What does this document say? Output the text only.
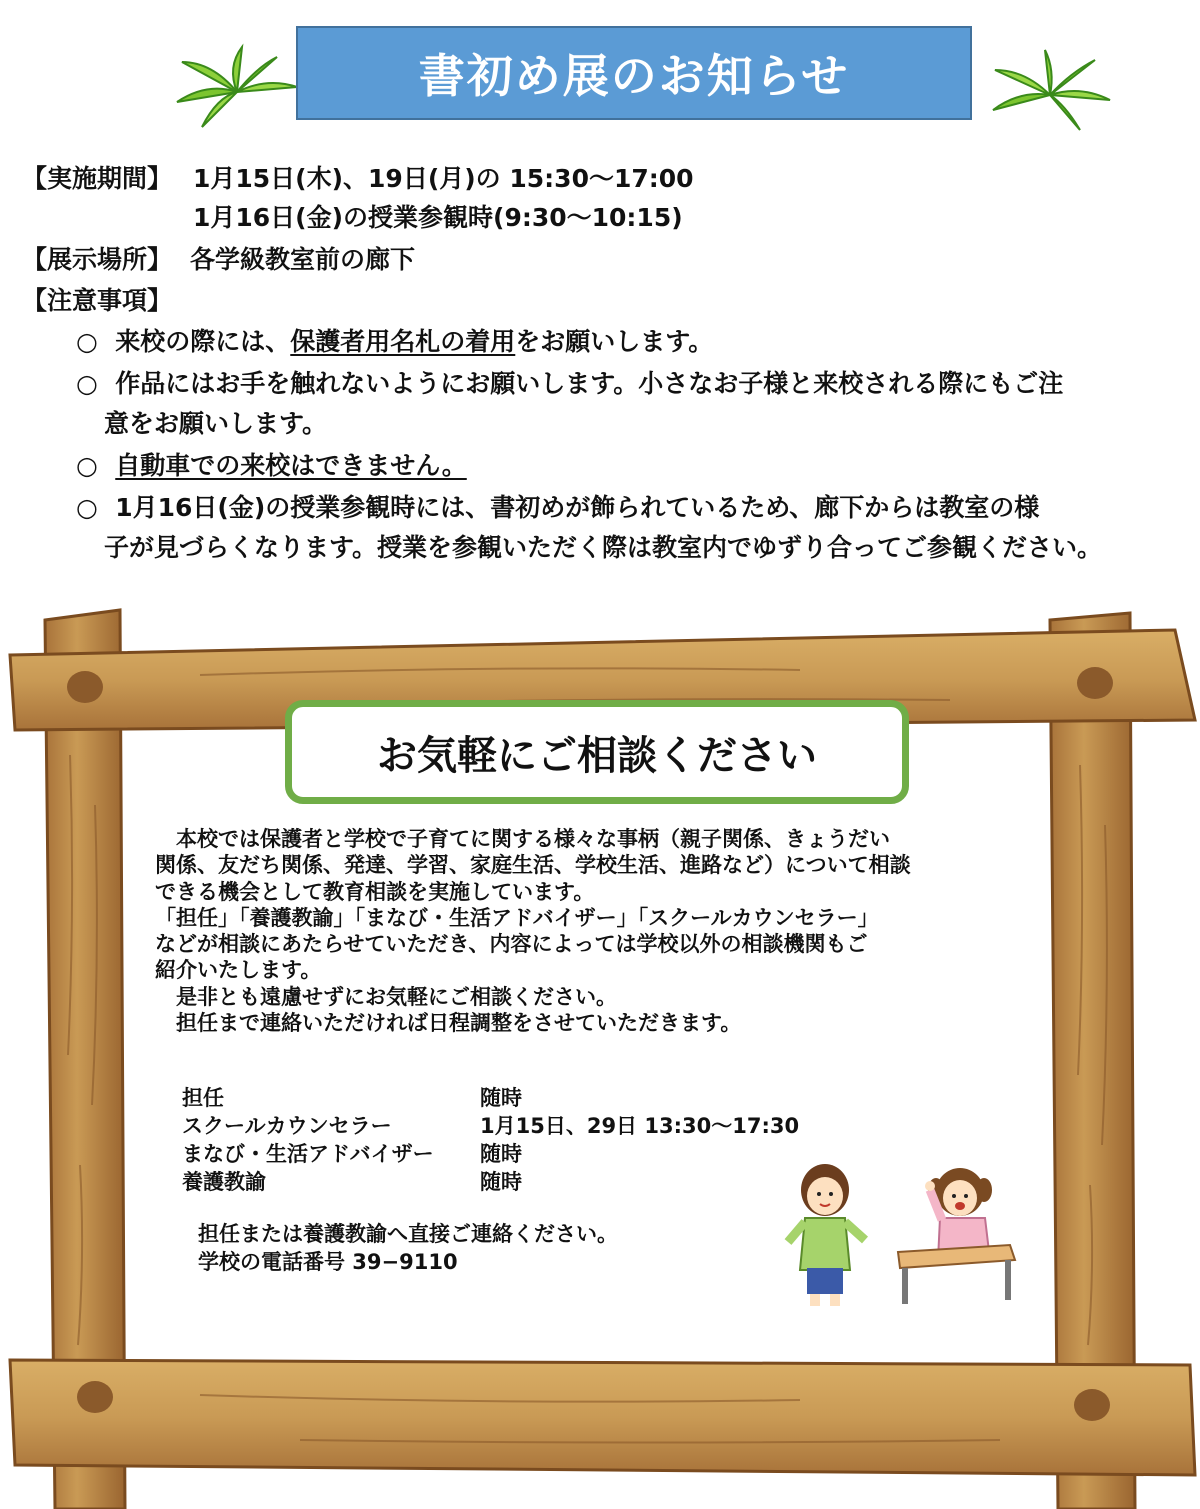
書初め展のお知らせ
【実施期間】 1月15日(木)、19日(月)の 15:30～17:00
1月16日(金)の授業参観時(9:30～10:15)
【展示場所】 各学級教室前の廊下
【注意事項】
○ 来校の際には、保護者用名札の着用をお願いします。
○ 作品にはお手を触れないようにお願いします。小さなお子様と来校される際にもご注
意をお願いします。
○ 自動車での来校はできません。
○ 1月16日(金)の授業参観時には、書初めが飾られているため、廊下からは教室の様
子が見づらくなります。授業を参観いただく際は教室内でゆずり合ってご参観ください。
お気軽にご相談ください
　本校では保護者と学校で子育てに関する様々な事柄（親子関係、きょうだい
関係、友だち関係、発達、学習、家庭生活、学校生活、進路など）について相談
できる機会として教育相談を実施しています。
「担任」「養護教諭」「まなび・生活アドバイザー」「スクールカウンセラー」
などが相談にあたらせていただき、内容によっては学校以外の相談機関もご
紹介いたします。
　是非とも遠慮せずにお気軽にご相談ください。
　担任まで連絡いただければ日程調整をさせていただきます。
担任	随時
スクールカウンセラー	1月15日、29日 13:30～17:30
まなび・生活アドバイザー 随時
養護教諭	随時
担任または養護教諭へ直接ご連絡ください。
学校の電話番号 39−9110
